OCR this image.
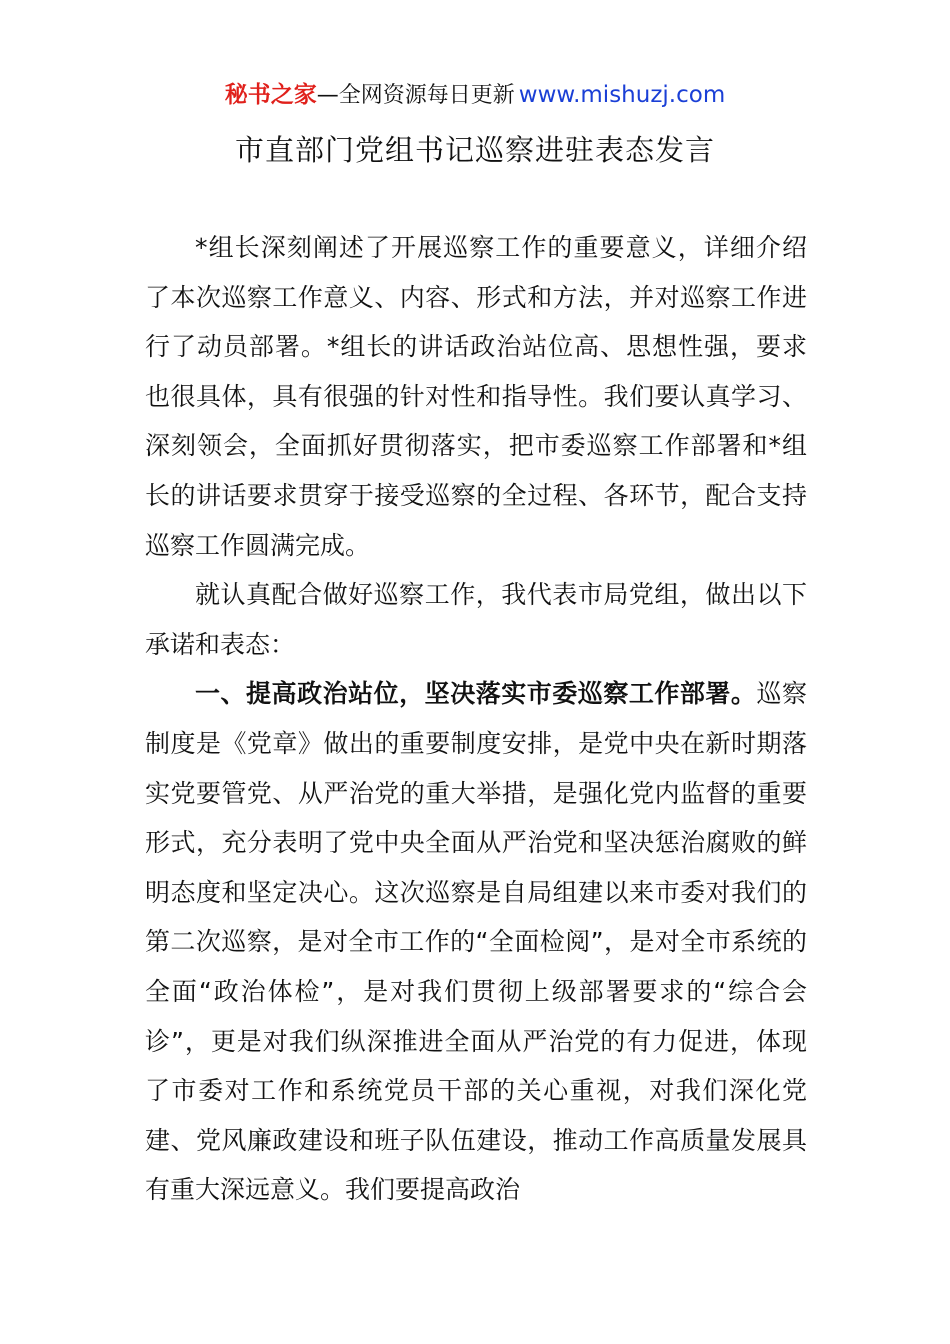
秘书之家—全网资源每日更新 www.mishuzj.com
市直部门党组书记巡察进驻表态发言

*组长深刻阐述了开展巡察工作的重要意义，详细介绍了本次巡察工作意义、内容、形式和方法，并对巡察工作进行了动员部署。*组长的讲话政治站位高、思想性强，要求也很具体，具有很强的针对性和指导性。我们要认真学习、深刻领会，全面抓好贯彻落实，把市委巡察工作部署和*组长的讲话要求贯穿于接受巡察的全过程、各环节，配合支持巡察工作圆满完成。

就认真配合做好巡察工作，我代表市局党组，做出以下承诺和表态：

一、提高政治站位，坚决落实市委巡察工作部署。巡察制度是《党章》做出的重要制度安排，是党中央在新时期落实党要管党、从严治党的重大举措，是强化党内监督的重要形式，充分表明了党中央全面从严治党和坚决惩治腐败的鲜明态度和坚定决心。这次巡察是自局组建以来市委对我们的第二次巡察，是对全市工作的“全面检阅”，是对全市系统的全面“政治体检”，是对我们贯彻上级部署要求的“综合会诊”，更是对我们纵深推进全面从严治党的有力促进，体现了市委对工作和系统党员干部的关心重视，对我们深化党建、党风廉政建设和班子队伍建设，推动工作高质量发展具有重大深远意义。我们要提高政治
